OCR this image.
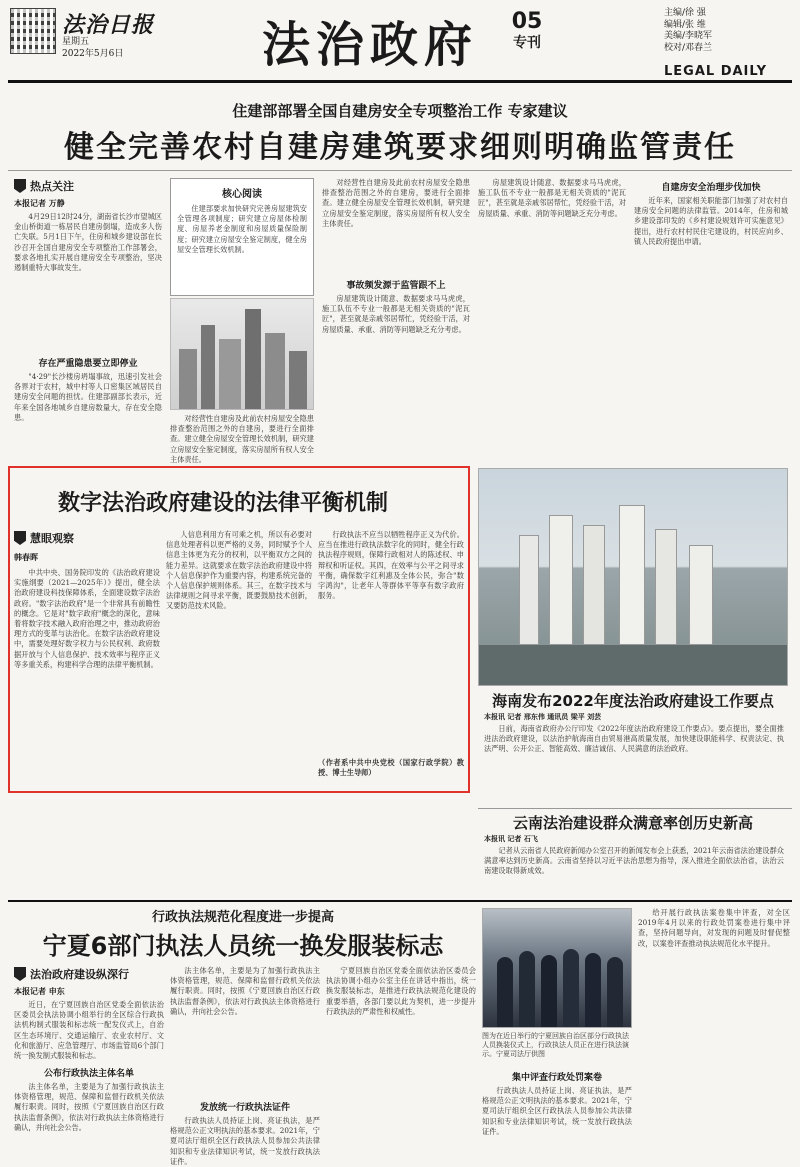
法治日报
星期五
2022年5月6日	法治政府 05
专刊
主编/徐 强
编辑/张 维
美编/李晓军
校对/邓春兰
LEGAL DAILY
住建部部署全国自建房安全专项整治工作 专家建议
健全完善农村自建房建筑要求细则明确监管责任
热点关注
本报记者 万静
4月29日12时24分，湖南省长沙市望城区金山桥街道一栋居民自建房倒塌，造成多人伤亡失联。5月1日下午，住房和城乡建设部在长沙召开全国自建房安全专项整治工作部署会，要求各地扎实开展自建房安全专项整治，坚决遏制重特大事故发生。
存在严重隐患要立即停业
"4·29"长沙楼房坍塌事故，迅速引发社会各界对于农村，城中村等人口密集区域居民自建房安全问题的担忧。住建部副部长表示，近年来全国各地城乡自建房数量大，存在安全隐患。
核心阅读
住建部要求加快研究完善房屋建筑安全管理各项制度；研究建立房屋体检制度、房屋养老金制度和房屋质量保险制度；研究建立房屋安全鉴定制度，健全房屋安全管理长效机制。
对经营性自建房及此前农村房屋安全隐患排查整治范围之外的自建房，要进行全面排查。建立健全房屋安全管理长效机制，研究建立房屋安全鉴定制度，落实房屋所有权人安全主体责任。
对经营性自建房及此前农村房屋安全隐患排查整治范围之外的自建房，要进行全面排查。建立健全房屋安全管理长效机制，研究建立房屋安全鉴定制度，落实房屋所有权人安全主体责任。
事故频发源于监管跟不上
房屋建筑设计随意、数据要求马马虎虎，施工队伍不专业一般都是无相关资质的"泥瓦匠"，甚至就是亲戚邻居帮忙，凭经验干活，对房屋质量、承重、消防等问题缺乏充分考虑。
房屋建筑设计随意、数据要求马马虎虎，施工队伍不专业一般都是无相关资质的"泥瓦匠"，甚至就是亲戚邻居帮忙，凭经验干活，对房屋质量、承重、消防等问题缺乏充分考虑。
自建房安全治理步伐加快
近年来，国家相关职能部门加强了对农村自建房安全问题的法律监管。2014年，住房和城乡建设部印发的《乡村建设规划许可实施意见》提出，进行农村村民住宅建设的，村民应向乡、镇人民政府提出申请。
数字法治政府建设的法律平衡机制
慧眼观察
韩春晖
中共中央、国务院印发的《法治政府建设实施纲要（2021—2025年）》提出，健全法治政府建设科技保障体系，全面建设数字法治政府。"数字法治政府"是一个非常具有前瞻性的概念。它是对"数字政府"概念的深化，意味着将数字技术融入政府治理之中，推动政府治理方式的变革与法治化。在数字法治政府建设中，需要处理好数字权力与公民权利、政府数据开放与个人信息保护、技术效率与程序正义等多重关系，构建科学合理的法律平衡机制。
人信息利用方有可乘之机，所以有必要对信息处理者科以更严格的义务，同时赋予个人信息主体更为充分的权利，以平衡双方之间的能力差异。这就要求在数字法治政府建设中将个人信息保护作为重要内容，构建系统完备的个人信息保护规则体系。其三，在数字技术与法律规则之间寻求平衡，既要鼓励技术创新，又要防范技术风险。
行政执法不应当以牺牲程序正义为代价。应当在推进行政执法数字化的同时，健全行政执法程序规则，保障行政相对人的陈述权、申辩权和听证权。其四，在效率与公平之间寻求平衡，确保数字红利惠及全体公民，弥合"数字鸿沟"，让老年人等群体平等享有数字政府服务。
（作者系中共中央党校（国家行政学院）教授、博士生导师）
海南发布2022年度法治政府建设工作要点
本报讯 记者 邢东伟 通讯员 梁平 刘芸
日前，海南省政府办公厅印发《2022年度法治政府建设工作要点》。要点提出，要全面推进法治政府建设，以法治护航海南自由贸易港高质量发展，加快建设职能科学、权责法定、执法严明、公开公正、智能高效、廉洁诚信、人民满意的法治政府。
云南法治建设群众满意率创历史新高
本报讯 记者 石飞
记者从云南省人民政府新闻办公室召开的新闻发布会上获悉，2021年云南省法治建设群众满意率达到历史新高。云南省坚持以习近平法治思想为指导，深入推进全面依法治省，法治云南建设取得新成效。
行政执法规范化程度进一步提高
宁夏6部门执法人员统一换发服装标志
法治政府建设纵深行
本报记者 申东
近日，在宁夏回族自治区党委全面依法治区委员会执法协调小组举行的全区综合行政执法机构制式服装和标志统一配发仪式上，自治区生态环境厅、交通运输厅、农业农村厅、文化和旅游厅、应急管理厅、市场监管局6个部门统一换发制式服装和标志。
公布行政执法主体名单
法主体名单，主要是为了加强行政执法主体资格管理，规范、保障和监督行政机关依法履行职责。同时，按照《宁夏回族自治区行政执法监督条例》，依法对行政执法主体资格进行确认，并向社会公告。
法主体名单，主要是为了加强行政执法主体资格管理，规范、保障和监督行政机关依法履行职责。同时，按照《宁夏回族自治区行政执法监督条例》，依法对行政执法主体资格进行确认，并向社会公告。
发放统一行政执法证件
行政执法人员持证上岗、亮证执法，是严格规范公正文明执法的基本要求。2021年，宁夏司法厅组织全区行政执法人员参加公共法律知识和专业法律知识考试，统一发放行政执法证件。
宁夏回族自治区党委全面依法治区委员会执法协调小组办公室主任在讲话中指出，统一换发服装标志，是推进行政执法规范化建设的重要举措，各部门要以此为契机，进一步提升行政执法的严肃性和权威性。
图为在近日举行的宁夏回族自治区部分行政执法人员换装仪式上，行政执法人员正在进行执法演示。宁夏司法厅供图
集中评查行政处罚案卷
行政执法人员持证上岗、亮证执法，是严格规范公正文明执法的基本要求。2021年，宁夏司法厅组织全区行政执法人员参加公共法律知识和专业法律知识考试，统一发放行政执法证件。
给开展行政执法案卷集中评查，对全区2019年4月以来的行政处罚案卷进行集中评查，坚持问题导向，对发现的问题及时督促整改，以案卷评查推动执法规范化水平提升。
